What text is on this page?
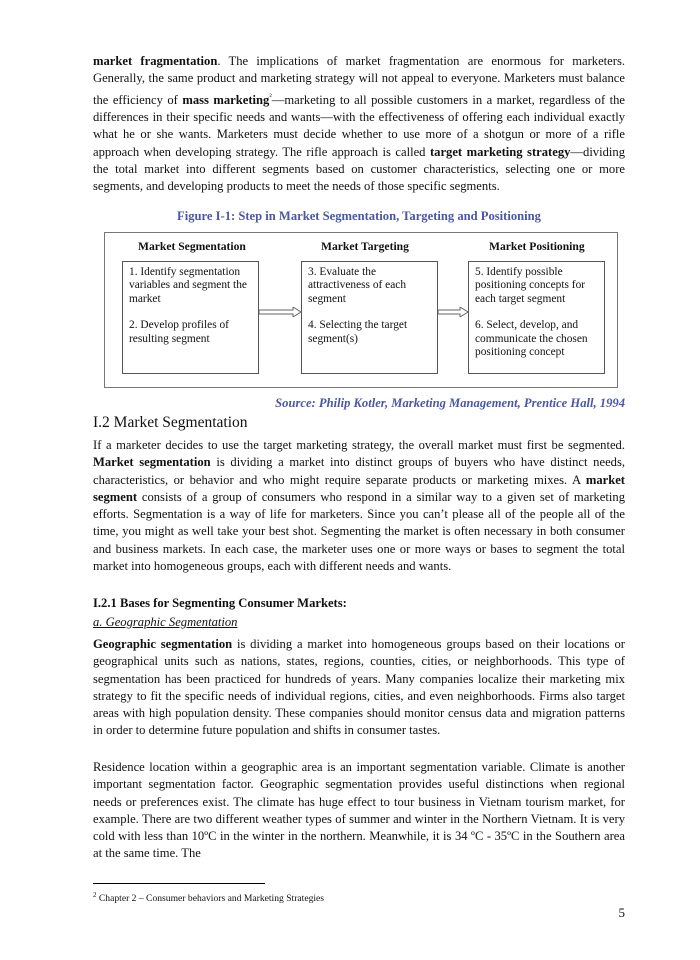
market fragmentation. The implications of market fragmentation are enormous for marketers. Generally, the same product and marketing strategy will not appeal to everyone. Marketers must balance the efficiency of mass marketing$^{^2}$—marketing to all possible customers in a market, regardless of the differences in their specific needs and wants—with the effectiveness of offering each individual exactly what he or she wants. Marketers must decide whether to use more of a shotgun or more of a rifle approach when developing strategy. The rifle approach is called target marketing strategy—dividing the total market into different segments based on customer characteristics, selecting one or more segments, and developing products to meet the needs of those specific segments.
Figure I-1: Step in Market Segmentation, Targeting and Positioning
Market Segmentation	Market Targeting	Market Positioning
1. Identify segmentation variables and segment the market
2. Develop profiles of resulting segment
3. Evaluate the attractiveness of each segment
4. Selecting the target segment(s)
5. Identify possible positioning concepts for each target segment
6. Select, develop, and communicate the chosen positioning concept
Source: Philip Kotler, Marketing Management, Prentice Hall, 1994
I.2 Market Segmentation
If a marketer decides to use the target marketing strategy, the overall market must first be segmented. Market segmentation is dividing a market into distinct groups of buyers who have distinct needs, characteristics, or behavior and who might require separate products or marketing mixes. A market segment consists of a group of consumers who respond in a similar way to a given set of marketing efforts. Segmentation is a way of life for marketers. Since you can’t please all of the people all of the time, you might as well take your best shot. Segmenting the market is often necessary in both consumer and business markets. In each case, the marketer uses one or more ways or bases to segment the total market into homogeneous groups, each with different needs and wants.
I.2.1 Bases for Segmenting Consumer Markets:
a. Geographic Segmentation
Geographic segmentation is dividing a market into homogeneous groups based on their locations or geographical units such as nations, states, regions, counties, cities, or neighborhoods. This type of segmentation has been practiced for hundreds of years. Many companies localize their marketing mix strategy to fit the specific needs of individual regions, cities, and even neighborhoods. Firms also target areas with high population density. These companies should monitor census data and migration patterns in order to determine future population and shifts in consumer tastes.
Residence location within a geographic area is an important segmentation variable. Climate is another important segmentation factor. Geographic segmentation provides useful distinctions when regional needs or preferences exist. The climate has huge effect to tour business in Vietnam tourism market, for example. There are two different weather types of summer and winter in the Northern Vietnam. It is very cold with less than 10ºC in the winter in the northern. Meanwhile, it is 34 ºC - 35ºC in the Southern area at the same time. The
$^2$ Chapter 2 – Consumer behaviors and Marketing Strategies
5
